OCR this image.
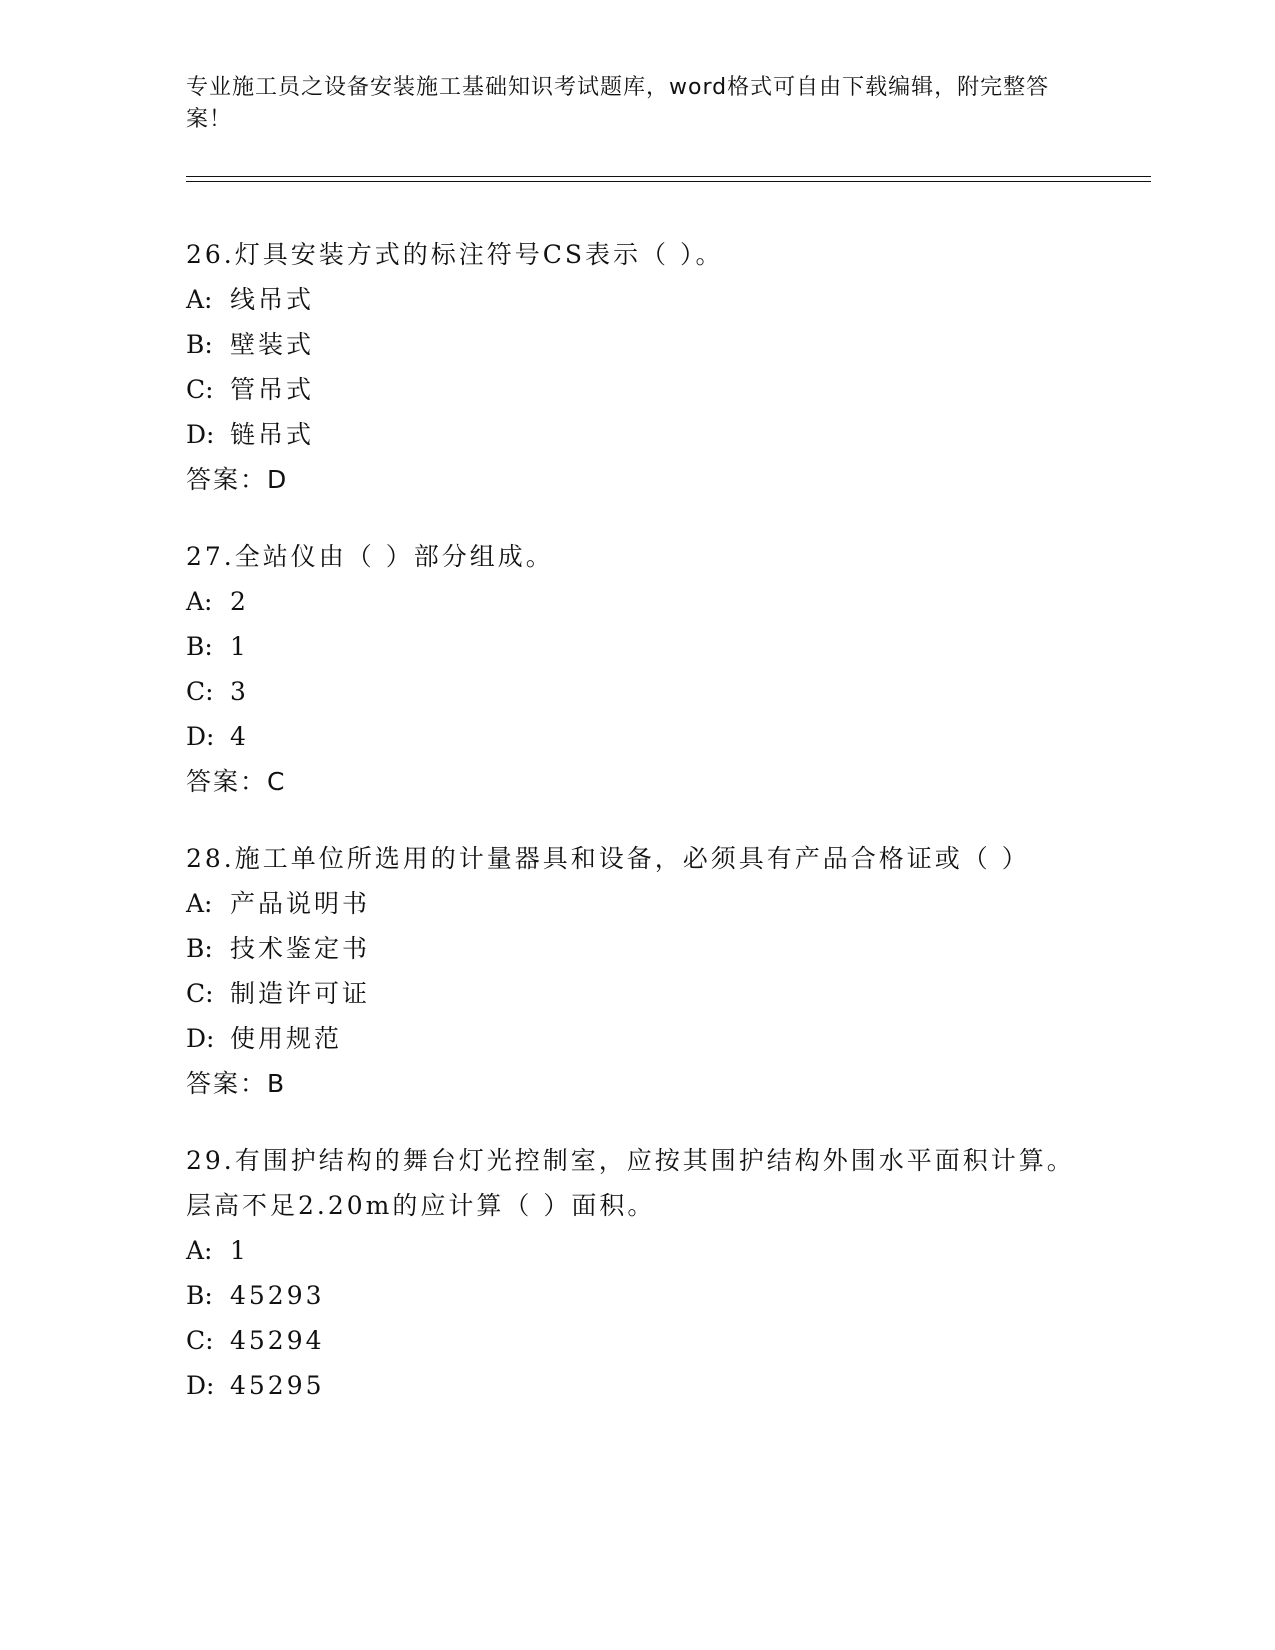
专业施工员之设备安装施工基础知识考试题库，word格式可自由下载编辑，附完整答案！

26.灯具安装方式的标注符号CS表示（ ）。

A: 线吊式

B: 壁装式

C: 管吊式

D: 链吊式

答案：D

27.全站仪由（ ）部分组成。

A: 2

B: 1

C: 3

D: 4

答案：C

28.施工单位所选用的计量器具和设备，必须具有产品合格证或（ ）

A: 产品说明书

B: 技术鉴定书

C: 制造许可证

D: 使用规范

答案：B

29.有围护结构的舞台灯光控制室，应按其围护结构外围水平面积计算。层高不足2.20m的应计算（ ）面积。

A: 1

B: 45293

C: 45294

D: 45295
